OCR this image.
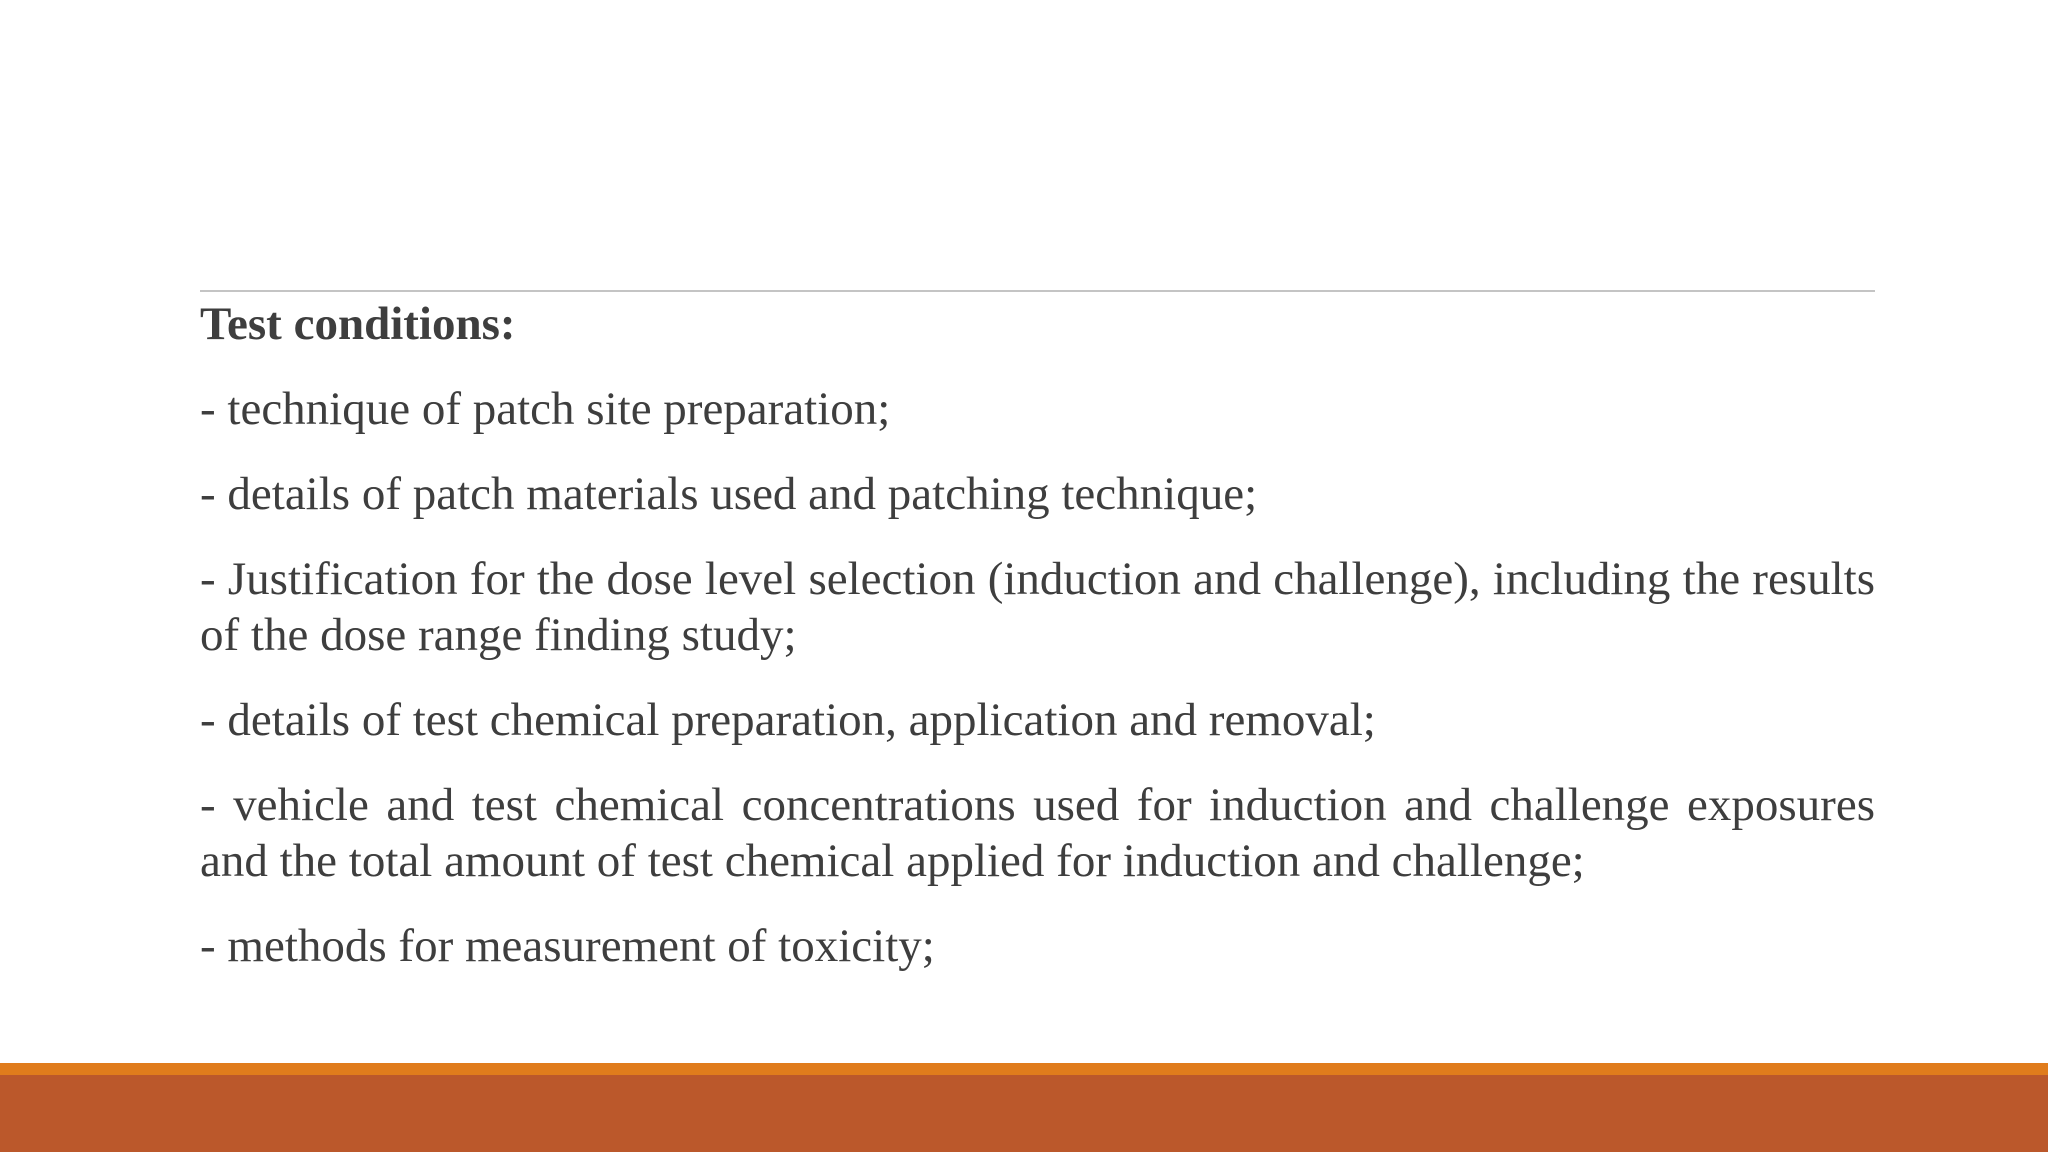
Test conditions:

- technique of patch site preparation;

- details of patch materials used and patching technique;

- Justification for the dose level selection (induction and challenge), including the results of the dose range finding study;

- details of test chemical preparation, application and removal;

- vehicle and test chemical concentrations used for induction and challenge exposures and the total amount of test chemical applied for induction and challenge;

- methods for measurement of toxicity;
